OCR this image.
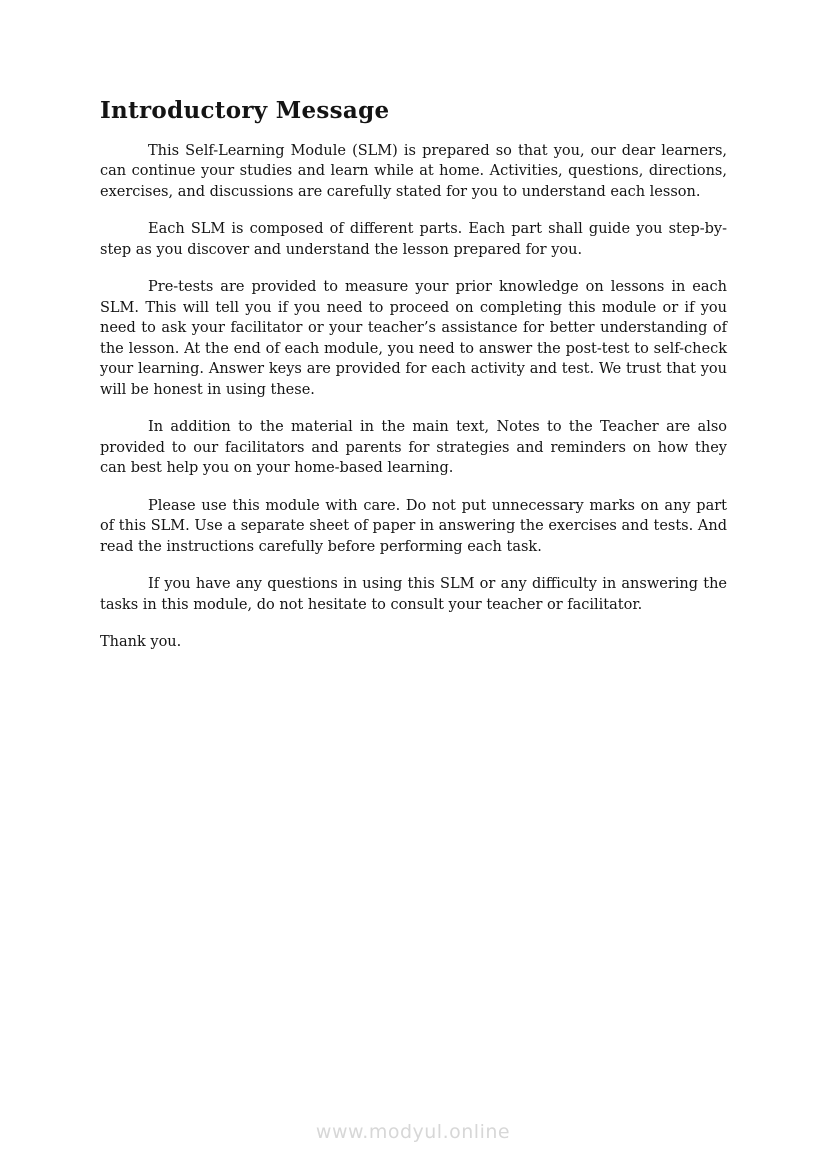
Introductory Message

This Self-Learning Module (SLM) is prepared so that you, our dear learners, can continue your studies and learn while at home. Activities, questions, directions, exercises, and discussions are carefully stated for you to understand each lesson.

Each SLM is composed of different parts. Each part shall guide you step-by-step as you discover and understand the lesson prepared for you.

Pre-tests are provided to measure your prior knowledge on lessons in each SLM. This will tell you if you need to proceed on completing this module or if you need to ask your facilitator or your teacher’s assistance for better understanding of the lesson. At the end of each module, you need to answer the post-test to self-check your learning. Answer keys are provided for each activity and test. We trust that you will be honest in using these.

In addition to the material in the main text, Notes to the Teacher are also provided to our facilitators and parents for strategies and reminders on how they can best help you on your home-based learning.

Please use this module with care. Do not put unnecessary marks on any part of this SLM. Use a separate sheet of paper in answering the exercises and tests. And read the instructions carefully before performing each task.

If you have any questions in using this SLM or any difficulty in answering the tasks in this module, do not hesitate to consult your teacher or facilitator.

Thank you.

www.modyul.online
